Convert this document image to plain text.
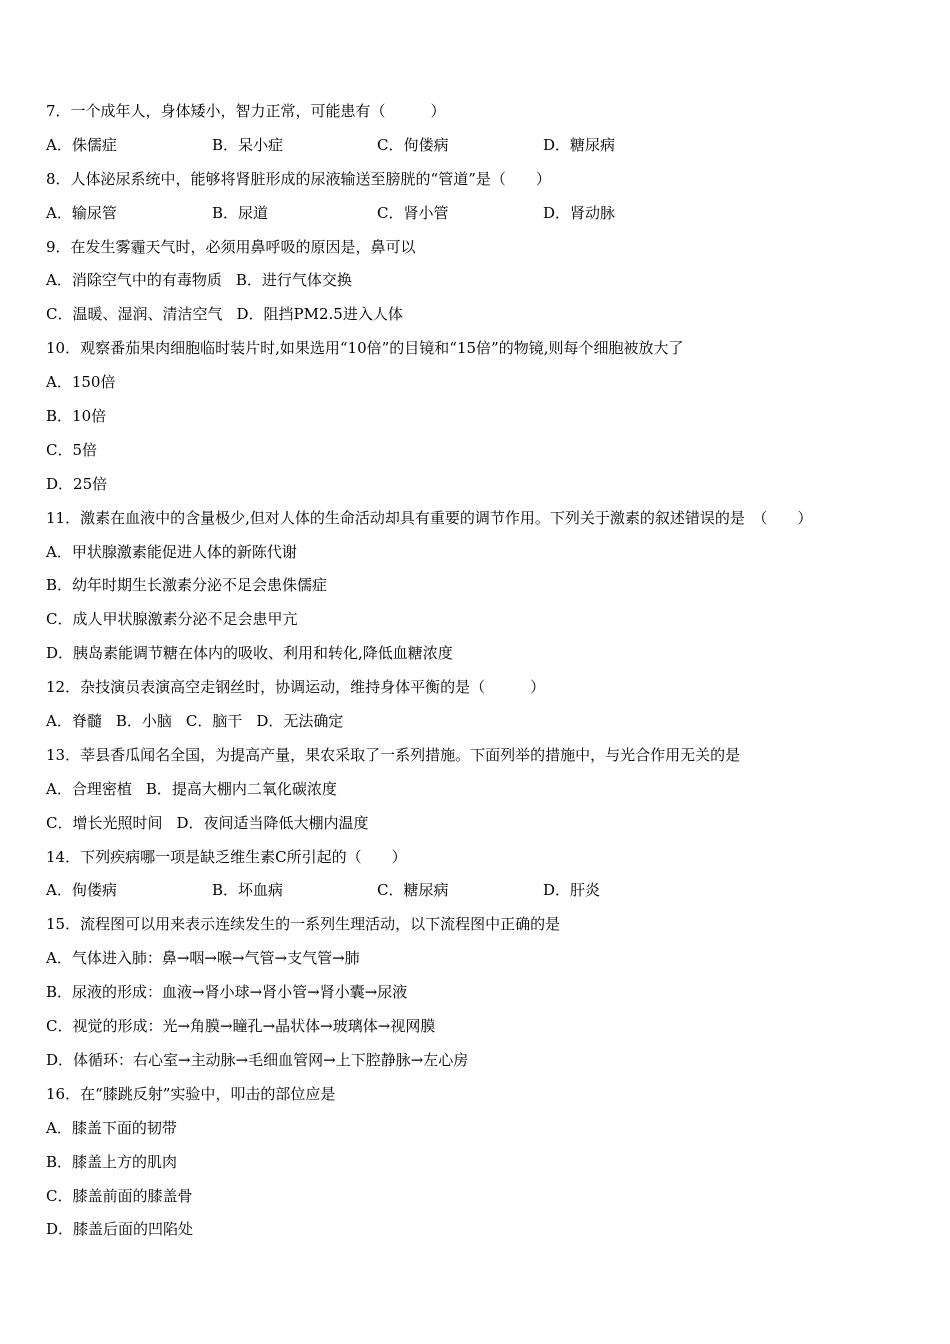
7．一个成年人，身体矮小，智力正常，可能患有（　　　）
A．侏儒症	B．呆小症	C．佝偻病	D．糖尿病
8．人体泌尿系统中，能够将肾脏形成的尿液输送至膀胱的“管道”是（　　）
A．输尿管	B．尿道	C．肾小管	D．肾动脉
9．在发生雾霾天气时，必须用鼻呼吸的原因是，鼻可以
A．消除空气中的有毒物质 B．进行气体交换
C．温暖、湿润、清洁空气 D．阻挡PM2.5进入人体
10．观察番茄果肉细胞临时装片时,如果选用“10倍”的目镜和“15倍”的物镜,则每个细胞被放大了
A．150倍
B．10倍
C．5倍
D．25倍
11．激素在血液中的含量极少,但对人体的生命活动却具有重要的调节作用。下列关于激素的叙述错误的是　（　　）
A．甲状腺激素能促进人体的新陈代谢
B．幼年时期生长激素分泌不足会患侏儒症
C．成人甲状腺激素分泌不足会患甲亢
D．胰岛素能调节糖在体内的吸收、利用和转化,降低血糖浓度
12．杂技演员表演高空走钢丝时，协调运动，维持身体平衡的是（　　　）
A．脊髓 B．小脑 C．脑干 D．无法确定
13．莘县香瓜闻名全国，为提高产量，果农采取了一系列措施。下面列举的措施中，与光合作用无关的是
A．合理密植 B．提高大棚内二氧化碳浓度
C．增长光照时间 D．夜间适当降低大棚内温度
14．下列疾病哪一项是缺乏维生素C所引起的（　　）
A．佝偻病	B．坏血病	C．糖尿病	D．肝炎
15．流程图可以用来表示连续发生的一系列生理活动，以下流程图中正确的是
A．气体进入肺：鼻→咽→喉→气管→支气管→肺
B．尿液的形成：血液→肾小球→肾小管→肾小囊→尿液
C．视觉的形成：光→角膜→瞳孔→晶状体→玻璃体→视网膜
D．体循环：右心室→主动脉→毛细血管网→上下腔静脉→左心房
16．在“膝跳反射”实验中，叩击的部位应是
A．膝盖下面的韧带
B．膝盖上方的肌肉
C．膝盖前面的膝盖骨
D．膝盖后面的凹陷处
